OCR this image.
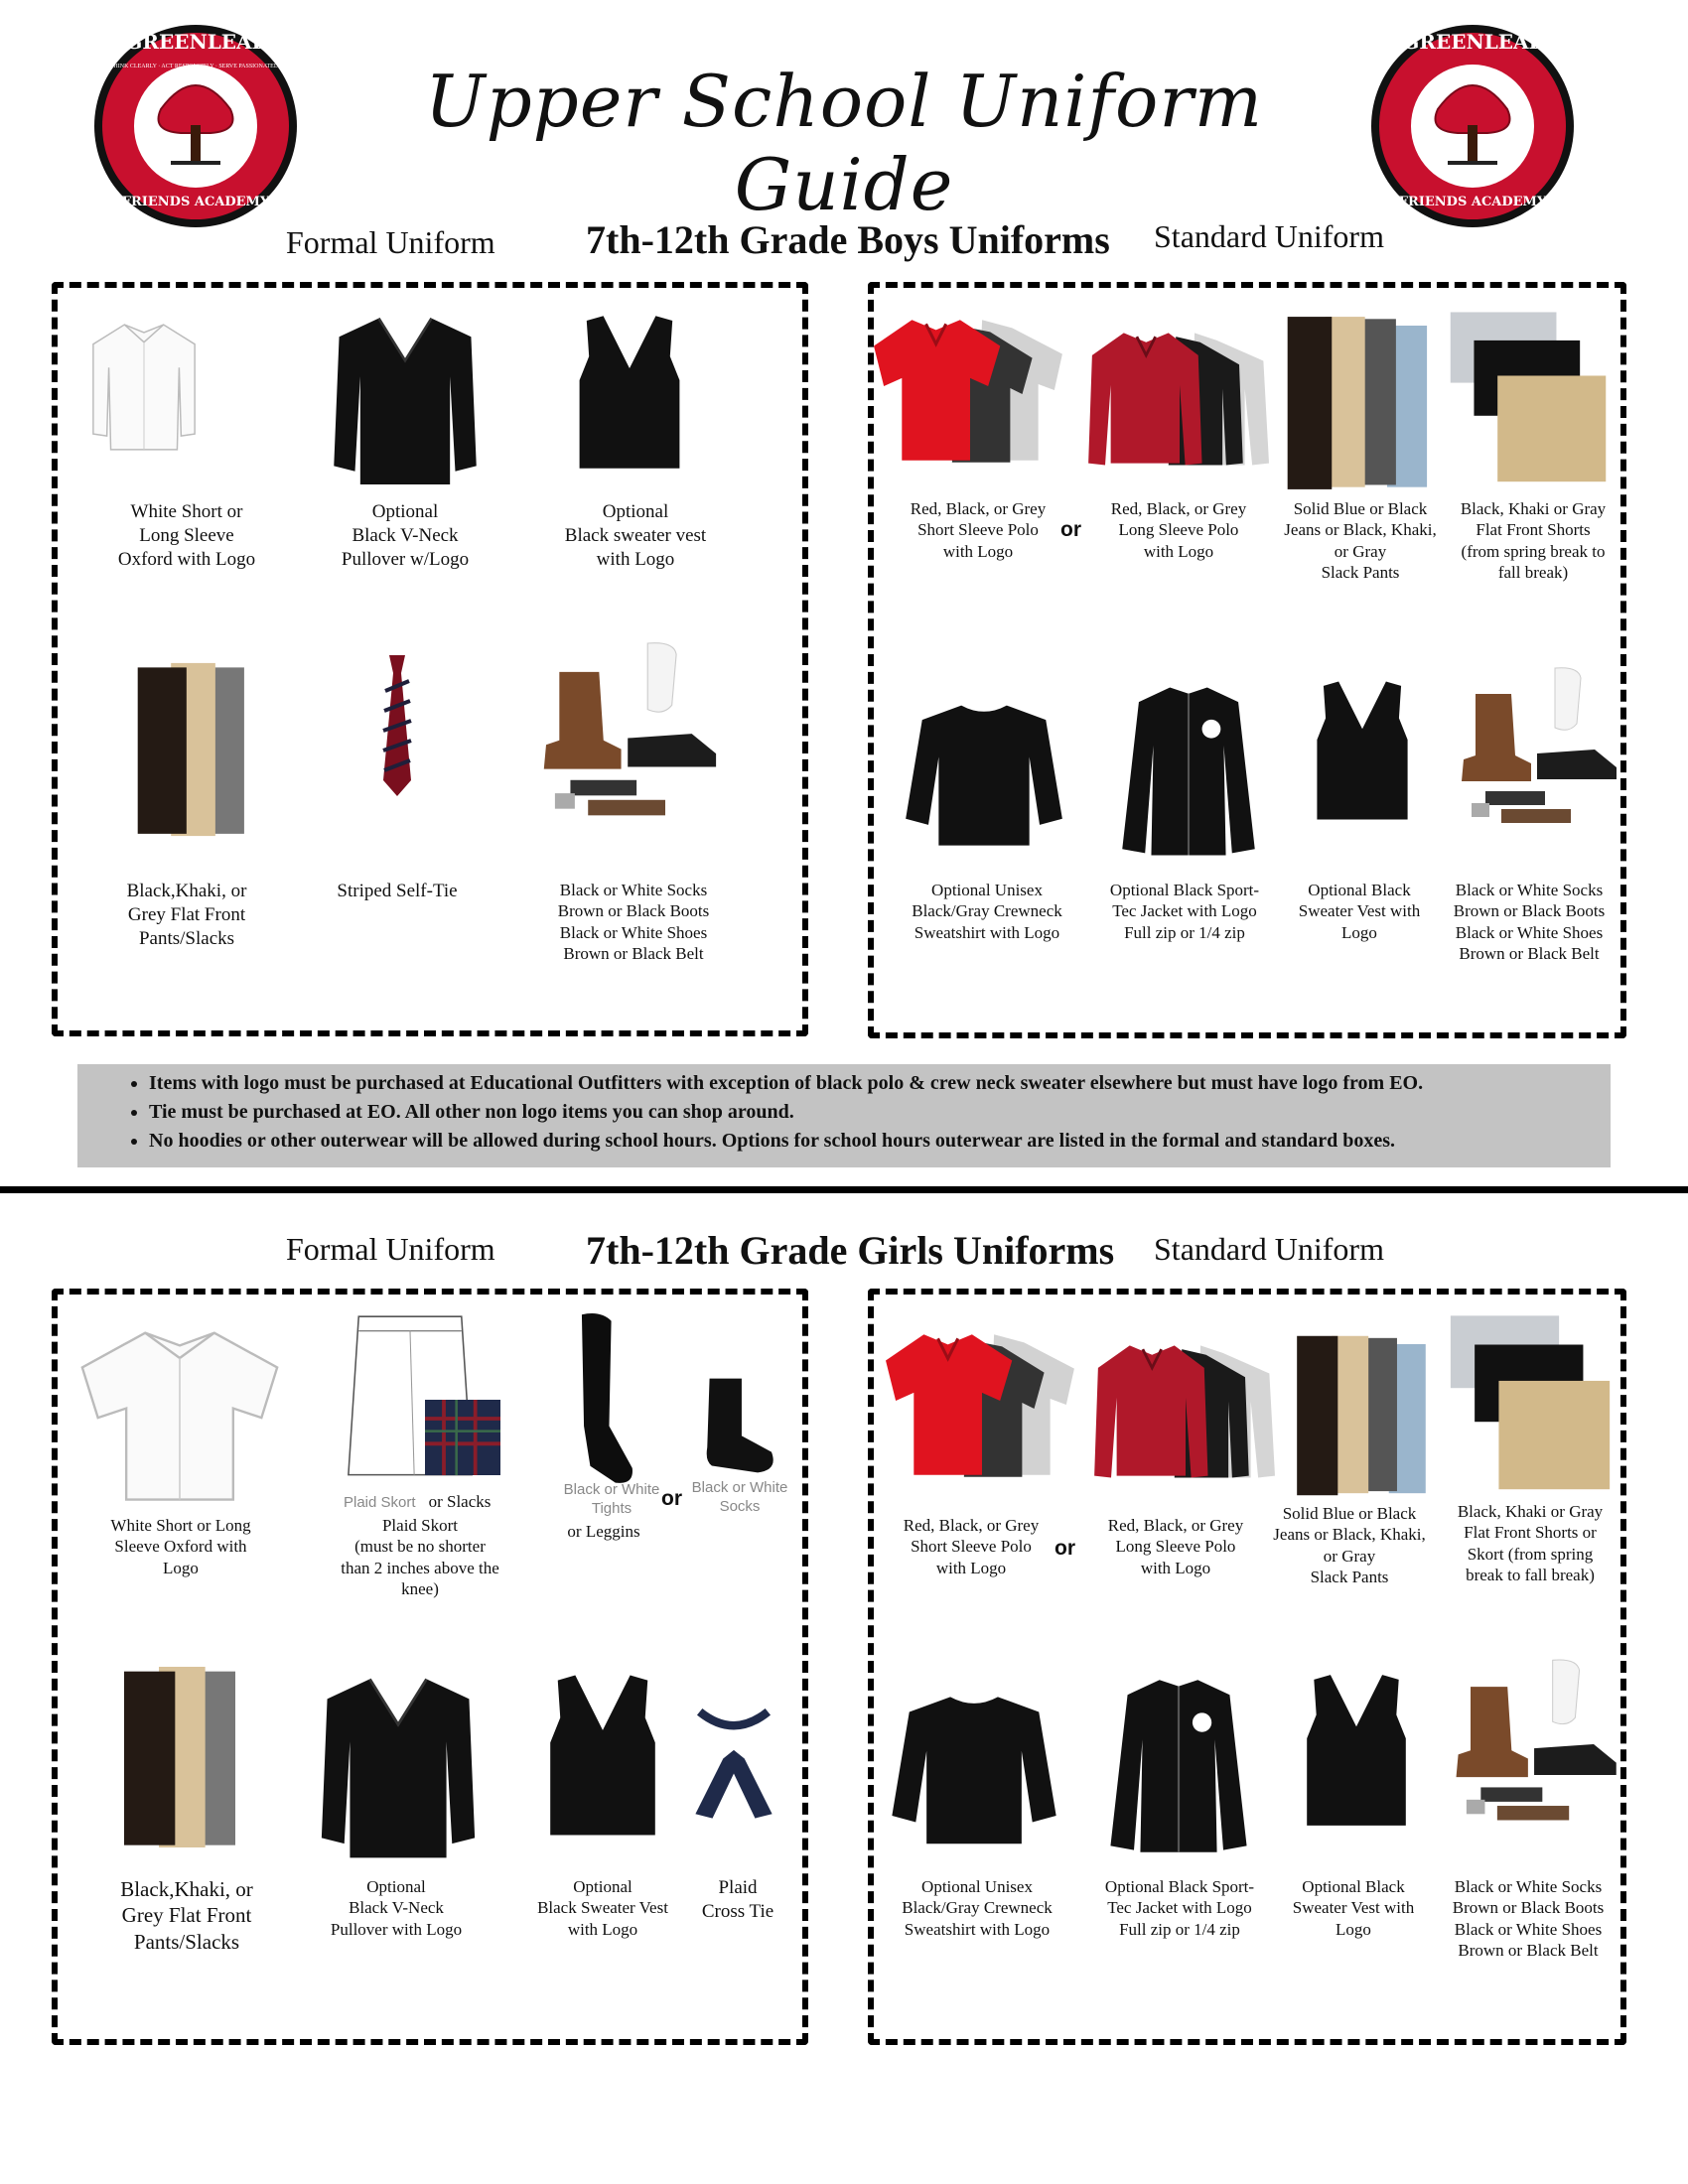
Upper School Uniform Guide
GREENLEAF
FRIENDS ACADEMY
1908
THINK CLEARLY · ACT RESPONSIBLY · SERVE PASSIONATELY
GREENLEAF
FRIENDS ACADEMY
Formal Uniform 7th-12th Grade Boys Uniforms Standard Uniform
White Short or
Long Sleeve
Oxford with Logo
Optional
Black V-Neck
Pullover w/Logo
Optional
Black sweater vest
with Logo
Black,Khaki, or
Grey Flat Front
Pants/Slacks
Striped Self-Tie	Black or White Socks
Brown or Black Boots
Black or White Shoes
Brown or Black Belt
Red, Black, or Grey
Short Sleeve Polo
with Logo
or
Red, Black, or Grey
Long Sleeve Polo
with Logo
Solid Blue or Black
Jeans or Black, Khaki,
or Gray
Slack Pants
Black, Khaki or Gray
Flat Front Shorts
(from spring break to
fall break)
Optional Unisex
Black/Gray Crewneck
Sweatshirt with Logo
Optional Black Sport-
Tec Jacket with Logo
Full zip or 1/4 zip
Optional Black
Sweater Vest with
Logo
Black or White Socks
Brown or Black Boots
Black or White Shoes
Brown or Black Belt
• Items with logo must be purchased at Educational Outfitters with exception of black polo & crew neck sweater elsewhere but must have logo from EO.
• Tie must be purchased at EO. All other non logo items you can shop around.
• No hoodies or other outerwear will be allowed during school hours. Options for school hours outerwear are listed in the formal and standard boxes.
Formal Uniform 7th-12th Grade Girls Uniforms Standard Uniform
Plaid Skort or Slacks
Black or White
Tights
Black or White
Socks
or
White Short or Long
Sleeve Oxford with
Logo
Plaid Skort
(must be no shorter
than 2 inches above the
knee)
or Leggins
Black,Khaki, or
Grey Flat Front
Pants/Slacks
Optional
Black V-Neck
Pullover with Logo
Optional
Black Sweater Vest
with Logo
Plaid
Cross Tie
Red, Black, or Grey
Short Sleeve Polo
with Logo
or
Red, Black, or Grey
Long Sleeve Polo
with Logo
Solid Blue or Black
Jeans or Black, Khaki,
or Gray
Slack Pants
Black, Khaki or Gray
Flat Front Shorts or
Skort (from spring
break to fall break)
Optional Unisex
Black/Gray Crewneck
Sweatshirt with Logo
Optional Black Sport-
Tec Jacket with Logo
Full zip or 1/4 zip
Optional Black
Sweater Vest with
Logo
Black or White Socks
Brown or Black Boots
Black or White Shoes
Brown or Black Belt
